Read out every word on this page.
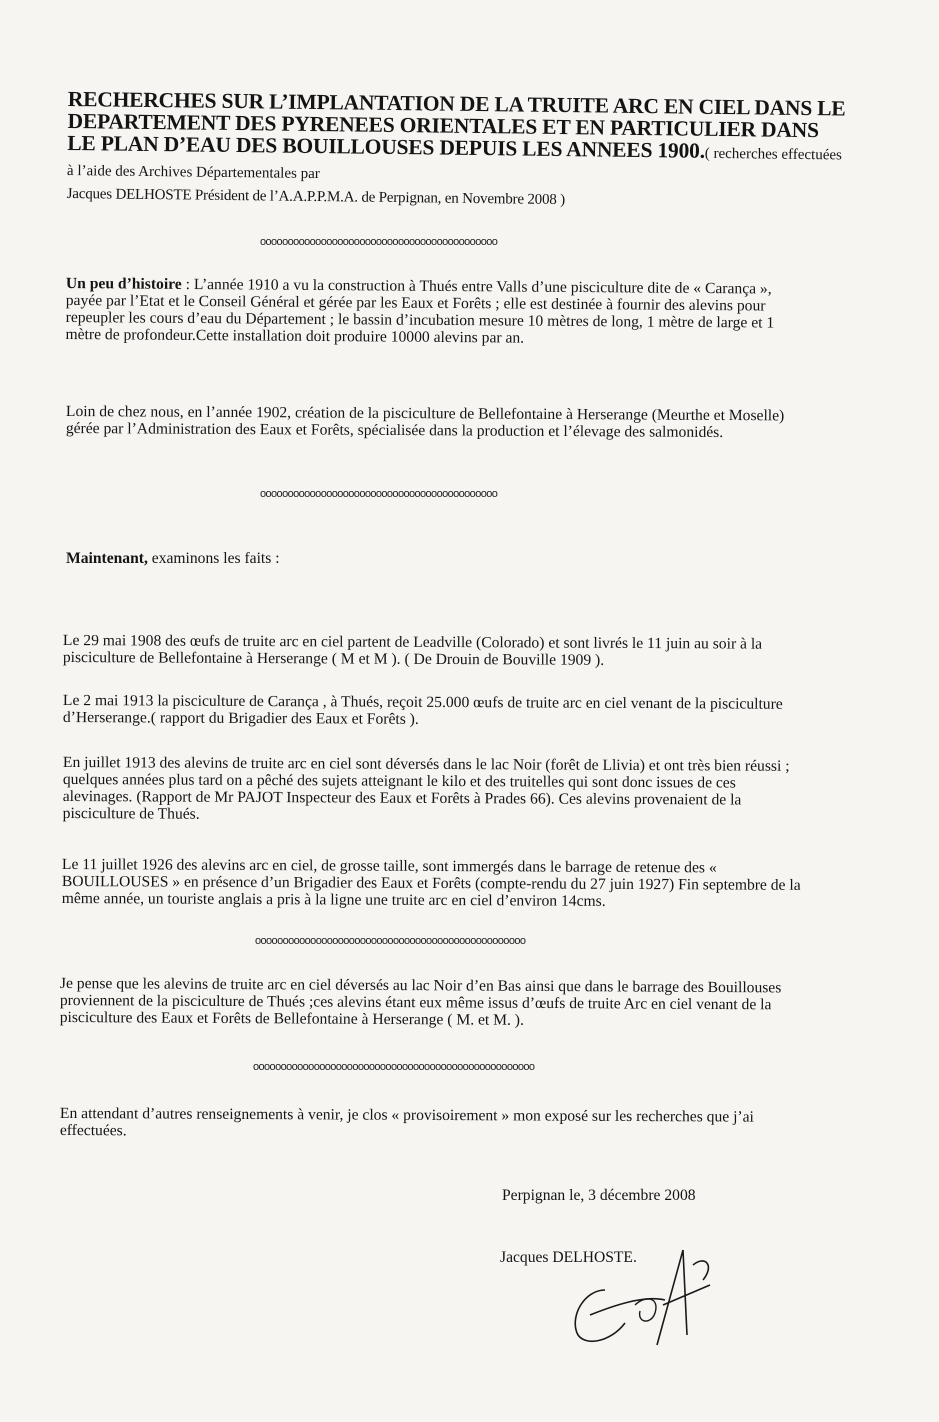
RECHERCHES SUR L’IMPLANTATION DE LA TRUITE ARC EN CIEL DANS LE DEPARTEMENT DES PYRENEES ORIENTALES ET EN PARTICULIER DANS LE PLAN D’EAU DES BOUILLOUSES DEPUIS LES ANNEES 1900.( recherches effectuées à l’aide des Archives Départementales par
Jacques DELHOSTE Président de l’A.A.P.P.M.A. de Perpignan, en Novembre 2008 )
ooooooooooooooooooooooooooooooooooooooooooo
Un peu d’histoire : L’année 1910 a vu la construction à Thués entre Valls d’une pisciculture dite de « Carança », payée par l’Etat et le Conseil Général et gérée par les Eaux et Forêts ; elle est destinée à fournir des alevins pour repeupler les cours d’eau du Département ; le bassin d’incubation mesure 10 mètres de long, 1 mètre de large et 1 mètre de profondeur.Cette installation doit produire 10000 alevins par an.
Loin de chez nous, en l’année 1902, création de la pisciculture de Bellefontaine à Herserange (Meurthe et Moselle) gérée par l’Administration des Eaux et Forêts, spécialisée dans la production et l’élevage des salmonidés.
ooooooooooooooooooooooooooooooooooooooooooo
Maintenant, examinons les faits :
Le 29 mai 1908 des œufs de truite arc en ciel partent de Leadville (Colorado) et sont livrés le 11 juin au soir à la pisciculture de Bellefontaine à Herserange ( M et M ). ( De Drouin de Bouville 1909 ).
Le 2 mai 1913 la pisciculture de Carança , à Thués, reçoit 25.000 œufs de truite arc en ciel venant de la pisciculture d’Herserange.( rapport du Brigadier des Eaux et Forêts ).
En juillet 1913 des alevins de truite arc en ciel sont déversés dans le lac Noir (forêt de Llivia) et ont très bien réussi ; quelques années plus tard on a pêché des sujets atteignant le kilo et des truitelles qui sont donc issues de ces alevinages. (Rapport de Mr PAJOT Inspecteur des Eaux et Forêts à Prades 66). Ces alevins provenaient de la pisciculture de Thués.
Le 11 juillet 1926 des alevins arc en ciel, de grosse taille, sont immergés dans le barrage de retenue des « BOUILLOUSES » en présence d’un Brigadier des Eaux et Forêts (compte-rendu du 27 juin 1927) Fin septembre de la même année, un touriste anglais a pris à la ligne une truite arc en ciel d’environ 14cms.
ooooooooooooooooooooooooooooooooooooooooooooooooo
Je pense que les alevins de truite arc en ciel déversés au lac Noir d’en Bas ainsi que dans le barrage des Bouillouses proviennent de la pisciculture de Thués ;ces alevins étant eux même issus d’œufs de truite Arc en ciel venant de la pisciculture des Eaux et Forêts de Bellefontaine à Herserange ( M. et M. ).
ooooooooooooooooooooooooooooooooooooooooooooooooooo
En attendant d’autres renseignements à venir, je clos « provisoirement » mon exposé sur les recherches que j’ai effectuées.
Perpignan le, 3 décembre 2008
Jacques DELHOSTE.
